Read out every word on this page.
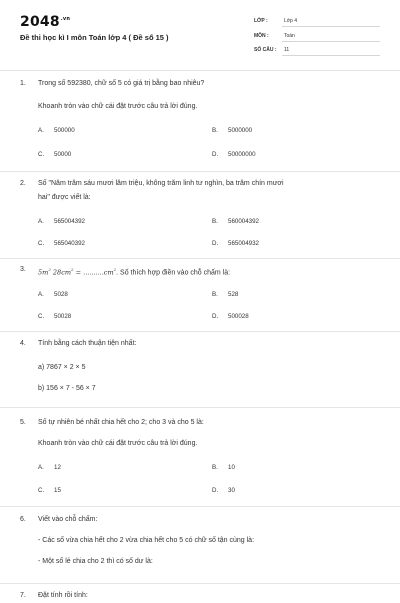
$2048^{.vn}$
Đề thi học kì I môn Toán lớp 4 ( Đề số 15 )
LỚP :	Lớp 4
MÔN :	Toán
SỐ CÂU : 11
1. Trong số 592380, chữ số 5 có giá trị bằng bao nhiêu?
Khoanh tròn vào chữ cái đặt trước câu trả lời đúng.
A. 500000	B. 5000000
C. 50000	D. 50000000
2. Số "Năm trăm sáu mươi lăm triệu, không trăm linh tư nghìn, ba trăm chín mươi
hai" được viết là:
A. 565004392	B. 560004392
C. 565040392	D. 565004932
3. $5m^2$ $28cm^2 = ..........cm^2$. Số thích hợp điền vào chỗ chấm là:
A. 5028	B. 528
C. 50028	D. 500028
4. Tính bằng cách thuận tiện nhất:
a) 7867 × 2 × 5
b) 156 × 7 - 56 × 7
5. Số tự nhiên bé nhất chia hết cho 2; cho 3 và cho 5 là:
Khoanh tròn vào chữ cái đặt trước câu trả lời đúng.
A. 12	B. 10
C. 15	D. 30
6. Viết vào chỗ chấm:
- Các số vừa chia hết cho 2 vừa chia hết cho 5 có chữ số tận cùng là:
- Một số lẻ chia cho 2 thì có số dư là:
7. Đặt tính rồi tính:
